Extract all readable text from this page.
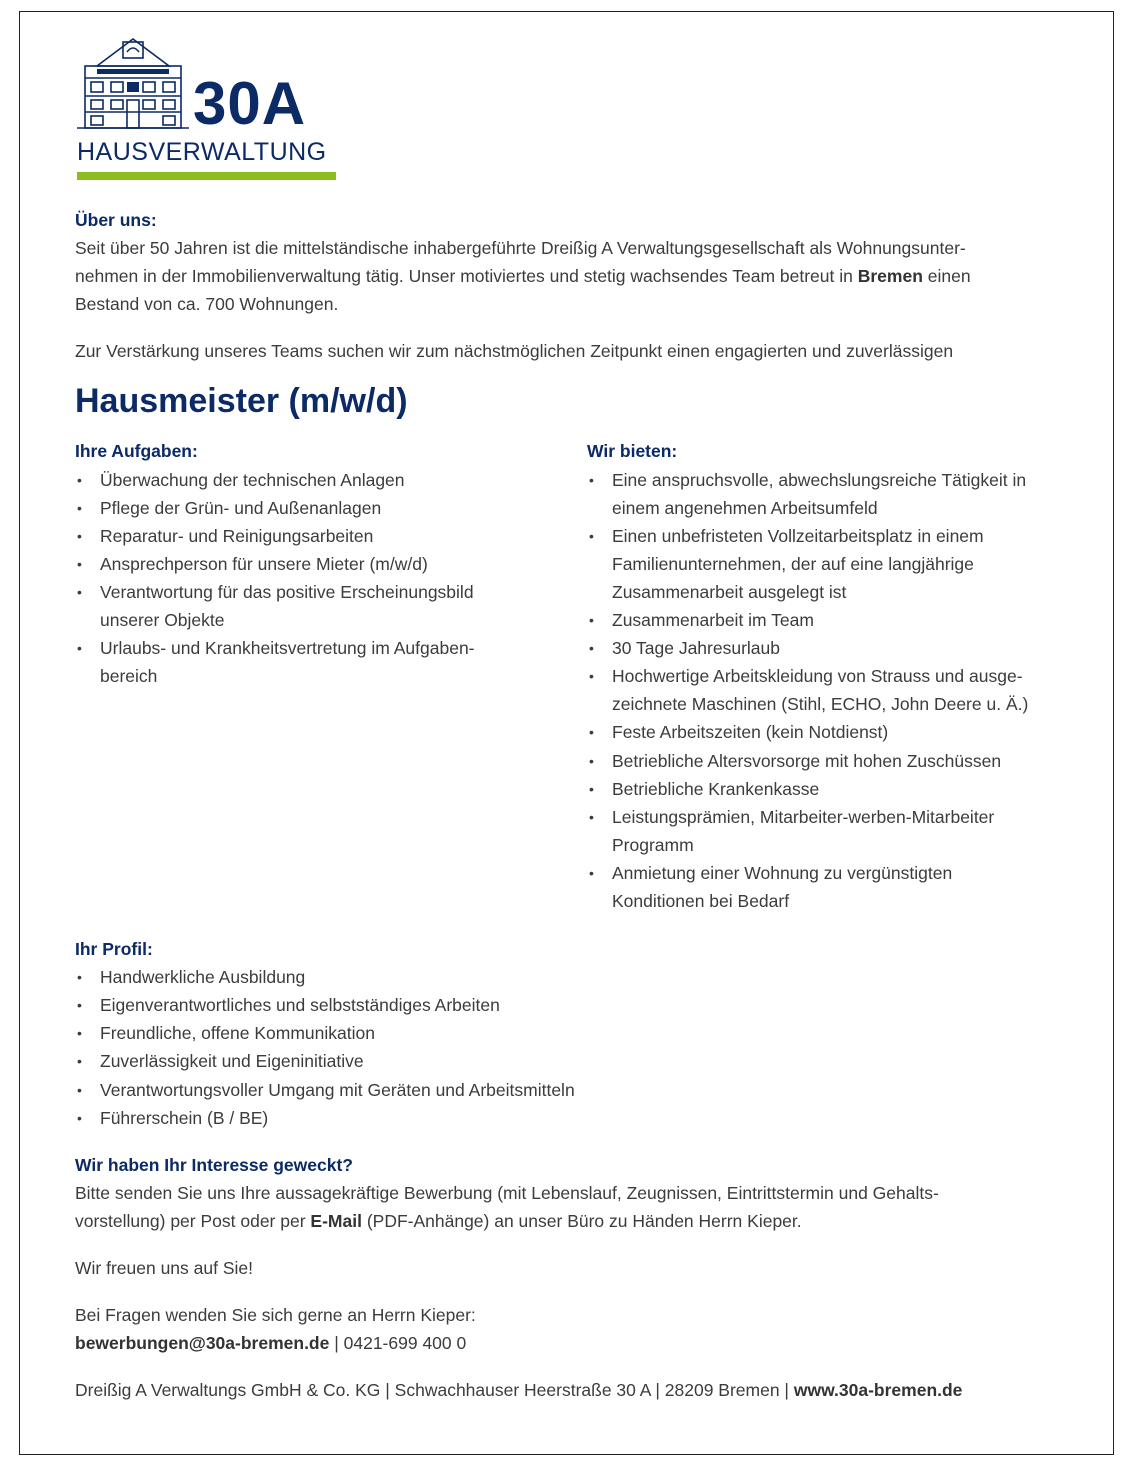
30A
HAUSVERWALTUNG
Über uns:

Seit über 50 Jahren ist die mittelständische inhabergeführte Dreißig A Verwaltungsgesellschaft als Wohnungsunter-
nehmen in der Immobilienverwaltung tätig. Unser motiviertes und stetig wachsendes Team betreut in Bremen einen
Bestand von ca. 700 Wohnungen.

Zur Verstärkung unseres Teams suchen wir zum nächstmöglichen Zeitpunkt einen engagierten und zuverlässigen

Hausmeister (m/w/d)
Ihre Aufgaben:
• Überwachung der technischen Anlagen
• Pflege der Grün- und Außenanlagen
• Reparatur- und Reinigungsarbeiten
• Ansprechperson für unsere Mieter (m/w/d)
• Verantwortung für das positive Erscheinungsbild
unserer Objekte
• Urlaubs- und Krankheitsvertretung im Aufgaben-
bereich
Wir bieten:
• Eine anspruchsvolle, abwechslungsreiche Tätigkeit in
einem angenehmen Arbeitsumfeld
• Einen unbefristeten Vollzeitarbeitsplatz in einem
Familienunternehmen, der auf eine langjährige
Zusammenarbeit ausgelegt ist
• Zusammenarbeit im Team
• 30 Tage Jahresurlaub
• Hochwertige Arbeitskleidung von Strauss und ausge-
zeichnete Maschinen (Stihl, ECHO, John Deere u. Ä.)
• Feste Arbeitszeiten (kein Notdienst)
• Betriebliche Altersvorsorge mit hohen Zuschüssen
• Betriebliche Krankenkasse
• Leistungsprämien, Mitarbeiter-werben-Mitarbeiter
Programm
• Anmietung einer Wohnung zu vergünstigten
Konditionen bei Bedarf
Ihr Profil:
• Handwerkliche Ausbildung
• Eigenverantwortliches und selbstständiges Arbeiten
• Freundliche, offene Kommunikation
• Zuverlässigkeit und Eigeninitiative
• Verantwortungsvoller Umgang mit Geräten und Arbeitsmitteln
• Führerschein (B / BE)
Wir haben Ihr Interesse geweckt?

Bitte senden Sie uns Ihre aussagekräftige Bewerbung (mit Lebenslauf, Zeugnissen, Eintrittstermin und Gehalts-
vorstellung) per Post oder per E-Mail (PDF-Anhänge) an unser Büro zu Händen Herrn Kieper.

Wir freuen uns auf Sie!

Bei Fragen wenden Sie sich gerne an Herrn Kieper:
bewerbungen@30a-bremen.de | 0421-699 400 0

Dreißig A Verwaltungs GmbH & Co. KG | Schwachhauser Heerstraße 30 A | 28209 Bremen | www.30a-bremen.de
